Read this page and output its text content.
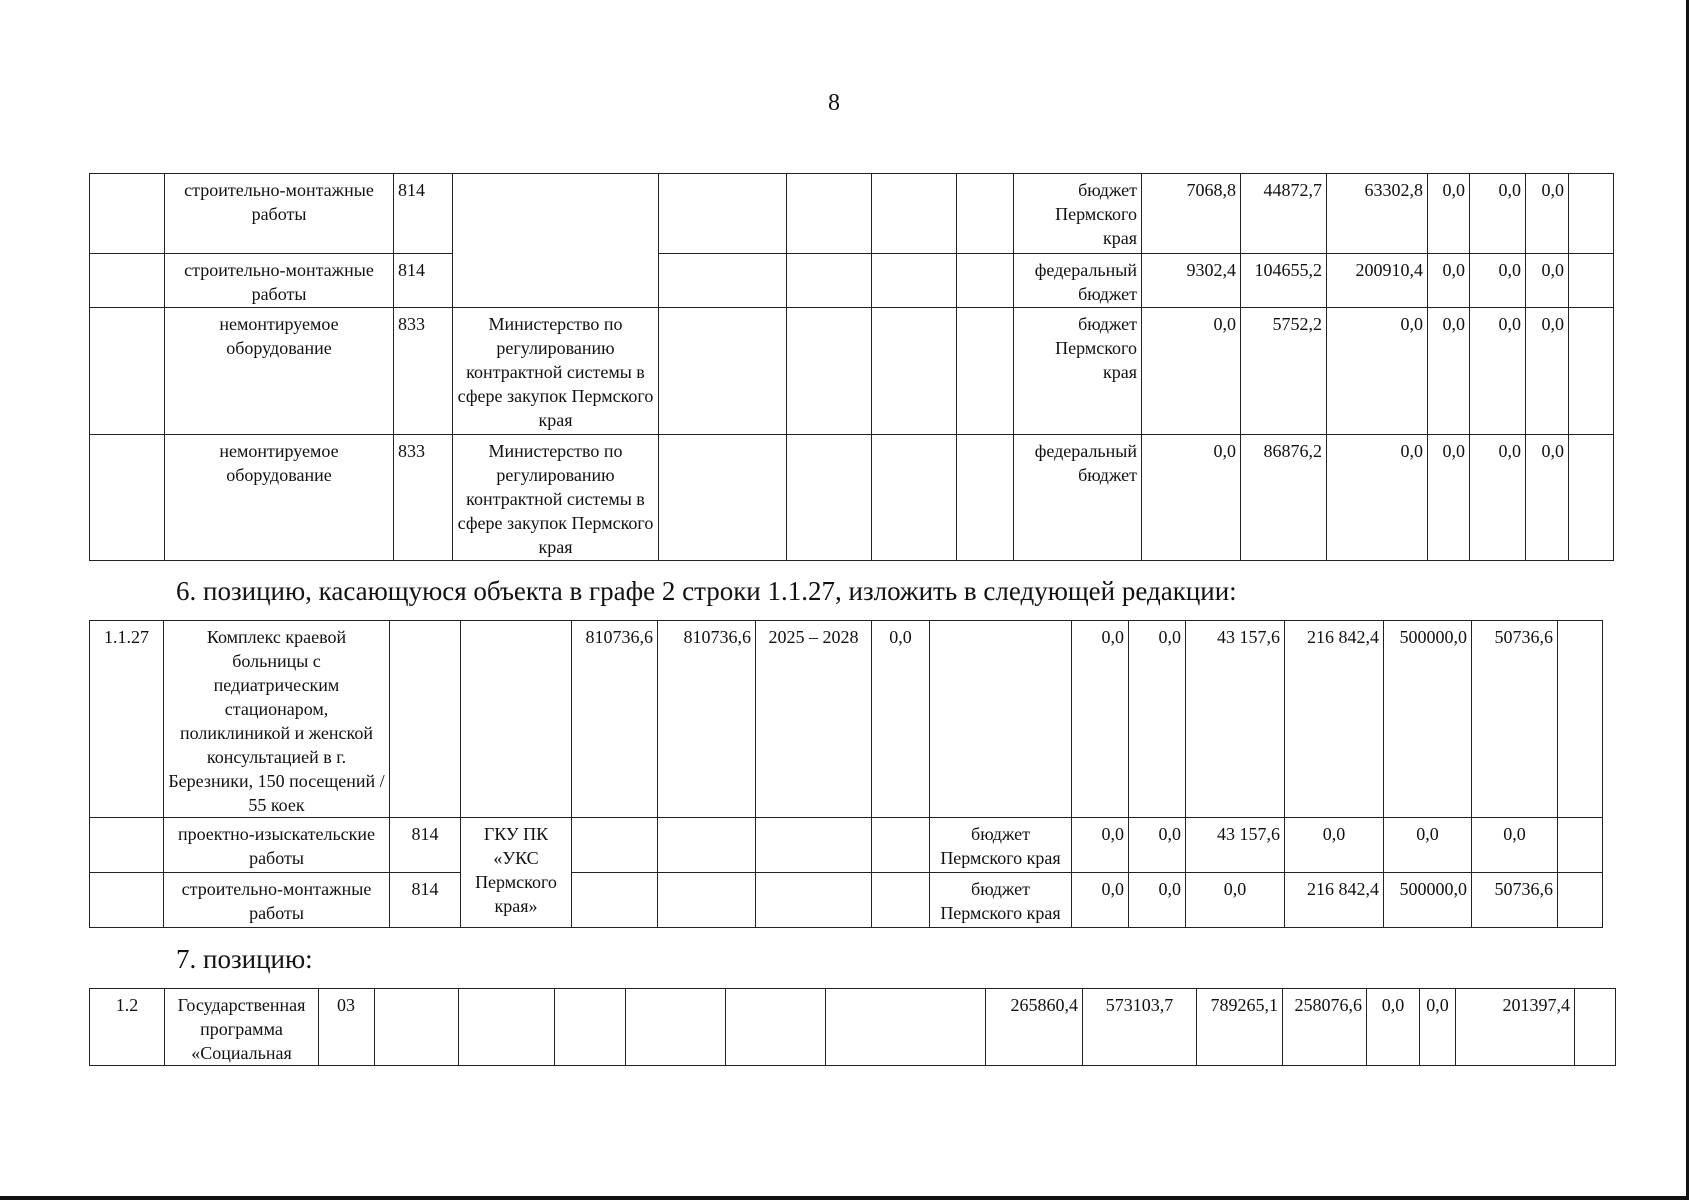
8
	строительно-монтажные работы	814						бюджет Пермского края	7068,8	44872,7	63302,8	0,0	0,0	0,0	
	строительно-монтажные работы	814						федеральный бюджет	9302,4	104655,2	200910,4	0,0	0,0	0,0	
	немонтируемое оборудование	833	Министерство по регулированию контрактной системы в сфере закупок Пермского края					бюджет Пермского края	0,0	5752,2	0,0	0,0	0,0	0,0	
	немонтируемое оборудование	833	Министерство по регулированию контрактной системы в сфере закупок Пермского края					федеральный бюджет	0,0	86876,2	0,0	0,0	0,0	0,0	
6. позицию, касающуюся объекта в графе 2 строки 1.1.27, изложить в следующей редакции:
1.1.27	Комплекс краевой больницы с педиатрическим стационаром, поликлиникой и женской консультацией в г. Березники, 150 посещений / 55 коек			810736,6	810736,6	2025 – 2028	0,0		0,0	0,0	43 157,6	216 842,4	500000,0	50736,6	
	проектно-изыскательские работы	814	ГКУ ПК «УКС Пермского края»					бюджет Пермского края	0,0	0,0	43 157,6	0,0	0,0	0,0	
	строительно-монтажные работы	814						бюджет Пермского края	0,0	0,0	0,0	216 842,4	500000,0	50736,6	
7. позицию:
1.2	Государственная программа «Социальная	03							265860,4	573103,7	789265,1	258076,6	0,0	0,0	201397,4	
